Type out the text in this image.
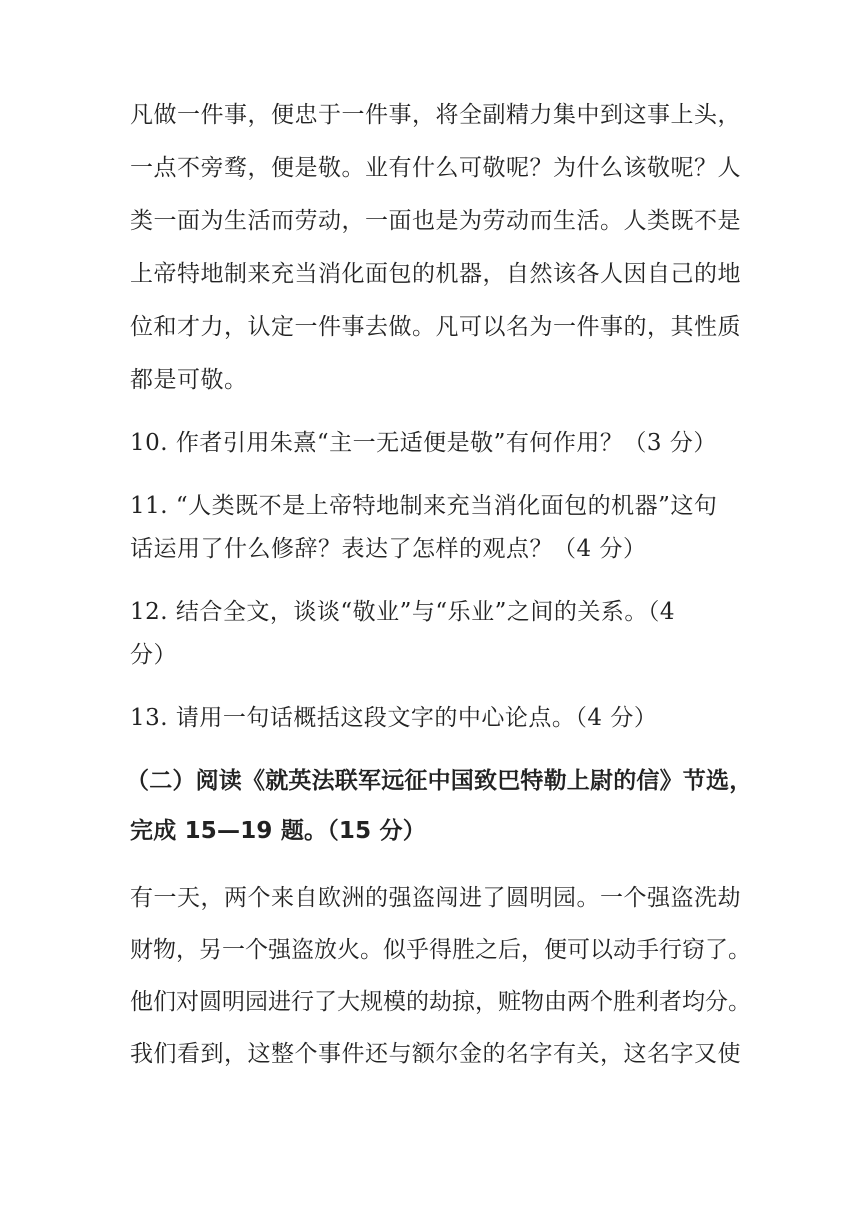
凡做一件事，便忠于一件事，将全副精力集中到这事上头，
一点不旁骛，便是敬。业有什么可敬呢？为什么该敬呢？人
类一面为生活而劳动，一面也是为劳动而生活。人类既不是
上帝特地制来充当消化面包的机器，自然该各人因自己的地
位和才力，认定一件事去做。凡可以名为一件事的，其性质
都是可敬。
10. 作者引用朱熹“主一无适便是敬”有何作用？（3 分）
11. “人类既不是上帝特地制来充当消化面包的机器”这句
话运用了什么修辞？表达了怎样的观点？（4 分）
12. 结合全文，谈谈“敬业”与“乐业”之间的关系。（4
分）
13. 请用一句话概括这段文字的中心论点。（4 分）
（二）阅读《就英法联军远征中国致巴特勒上尉的信》节选，
完成 15—19 题。（15 分）
有一天，两个来自欧洲的强盗闯进了圆明园。一个强盗洗劫
财物，另一个强盗放火。似乎得胜之后，便可以动手行窃了。
他们对圆明园进行了大规模的劫掠，赃物由两个胜利者均分。
我们看到，这整个事件还与额尔金的名字有关，这名字又使
